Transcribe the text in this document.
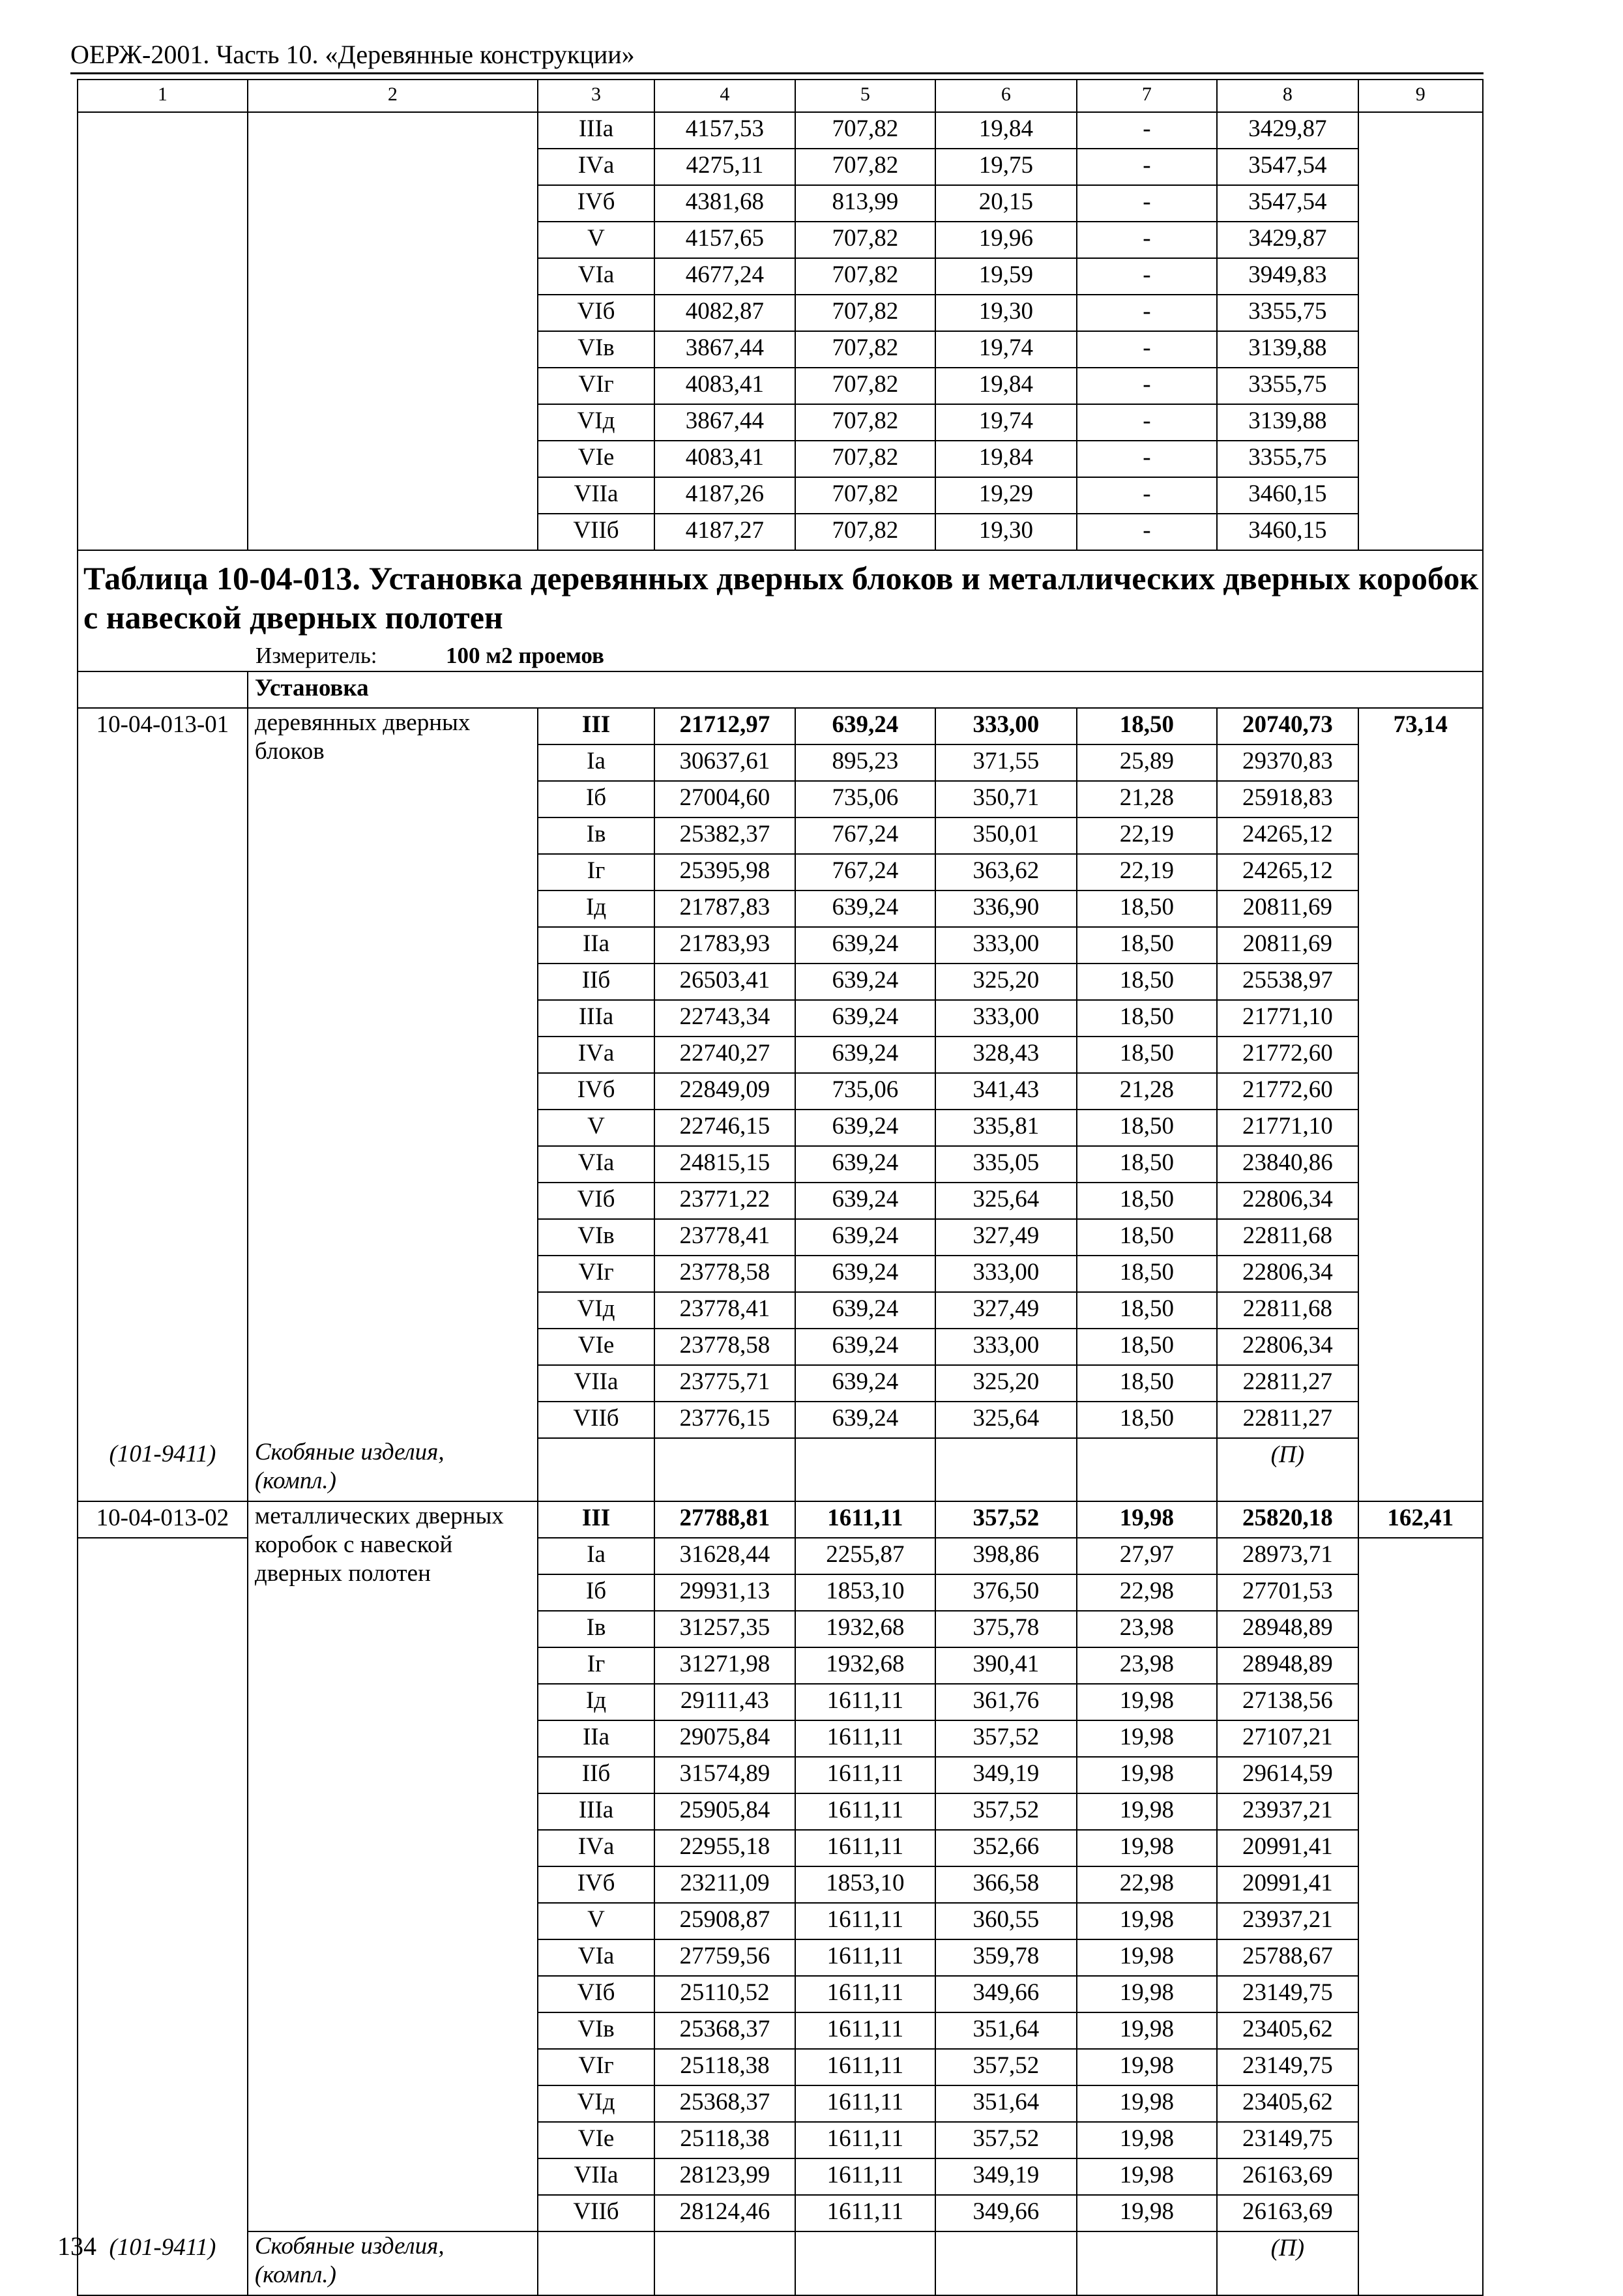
ОЕРЖ-2001. Часть 10. «Деревянные конструкции»
1	2	3	4	5	6	7	8	9
		IIIа	4157,53	707,82	19,84	-	3429,87	
		IVа	4275,11	707,82	19,75	-	3547,54	
		IVб	4381,68	813,99	20,15	-	3547,54	
		V	4157,65	707,82	19,96	-	3429,87	
		VIа	4677,24	707,82	19,59	-	3949,83	
		VIб	4082,87	707,82	19,30	-	3355,75	
		VIв	3867,44	707,82	19,74	-	3139,88	
		VIг	4083,41	707,82	19,84	-	3355,75	
		VIд	3867,44	707,82	19,74	-	3139,88	
		VIе	4083,41	707,82	19,84	-	3355,75	
		VIIа	4187,26	707,82	19,29	-	3460,15	
		VIIб	4187,27	707,82	19,30	-	3460,15	

Таблица 10-04-013. Установка деревянных дверных блоков и металлических дверных коробок с навеской дверных полотен
Измеритель: 100 м2 проемов								

	Установка							
10-04-013-01	деревянных дверных блоков	III	21712,97	639,24	333,00	18,50	20740,73	73,14
		Iа	30637,61	895,23	371,55	25,89	29370,83	
		Iб	27004,60	735,06	350,71	21,28	25918,83	
		Iв	25382,37	767,24	350,01	22,19	24265,12	
		Iг	25395,98	767,24	363,62	22,19	24265,12	
		Iд	21787,83	639,24	336,90	18,50	20811,69	
		IIа	21783,93	639,24	333,00	18,50	20811,69	
		IIб	26503,41	639,24	325,20	18,50	25538,97	
		IIIа	22743,34	639,24	333,00	18,50	21771,10	
		IVа	22740,27	639,24	328,43	18,50	21772,60	
		IVб	22849,09	735,06	341,43	21,28	21772,60	
		V	22746,15	639,24	335,81	18,50	21771,10	
		VIа	24815,15	639,24	335,05	18,50	23840,86	
		VIб	23771,22	639,24	325,64	18,50	22806,34	
		VIв	23778,41	639,24	327,49	18,50	22811,68	
		VIг	23778,58	639,24	333,00	18,50	22806,34	
		VIд	23778,41	639,24	327,49	18,50	22811,68	
		VIе	23778,58	639,24	333,00	18,50	22806,34	
		VIIа	23775,71	639,24	325,20	18,50	22811,27	
		VIIб	23776,15	639,24	325,64	18,50	22811,27	
(101-9411)	Скобяные изделия, (компл.)						(П)	
10-04-013-02	металлических дверных коробок с навеской дверных полотен	III	27788,81	1611,11	357,52	19,98	25820,18	162,41
		Iа	31628,44	2255,87	398,86	27,97	28973,71	
		Iб	29931,13	1853,10	376,50	22,98	27701,53	
		Iв	31257,35	1932,68	375,78	23,98	28948,89	
		Iг	31271,98	1932,68	390,41	23,98	28948,89	
		Iд	29111,43	1611,11	361,76	19,98	27138,56	
		IIа	29075,84	1611,11	357,52	19,98	27107,21	
		IIб	31574,89	1611,11	349,19	19,98	29614,59	
		IIIа	25905,84	1611,11	357,52	19,98	23937,21	
		IVа	22955,18	1611,11	352,66	19,98	20991,41	
		IVб	23211,09	1853,10	366,58	22,98	20991,41	
		V	25908,87	1611,11	360,55	19,98	23937,21	
		VIа	27759,56	1611,11	359,78	19,98	25788,67	
		VIб	25110,52	1611,11	349,66	19,98	23149,75	
		VIв	25368,37	1611,11	351,64	19,98	23405,62	
		VIг	25118,38	1611,11	357,52	19,98	23149,75	
		VIд	25368,37	1611,11	351,64	19,98	23405,62	
		VIе	25118,38	1611,11	357,52	19,98	23149,75	
		VIIа	28123,99	1611,11	349,19	19,98	26163,69	
		VIIб	28124,46	1611,11	349,66	19,98	26163,69	
(101-9411)	Скобяные изделия, (компл.)						(П)	
134
